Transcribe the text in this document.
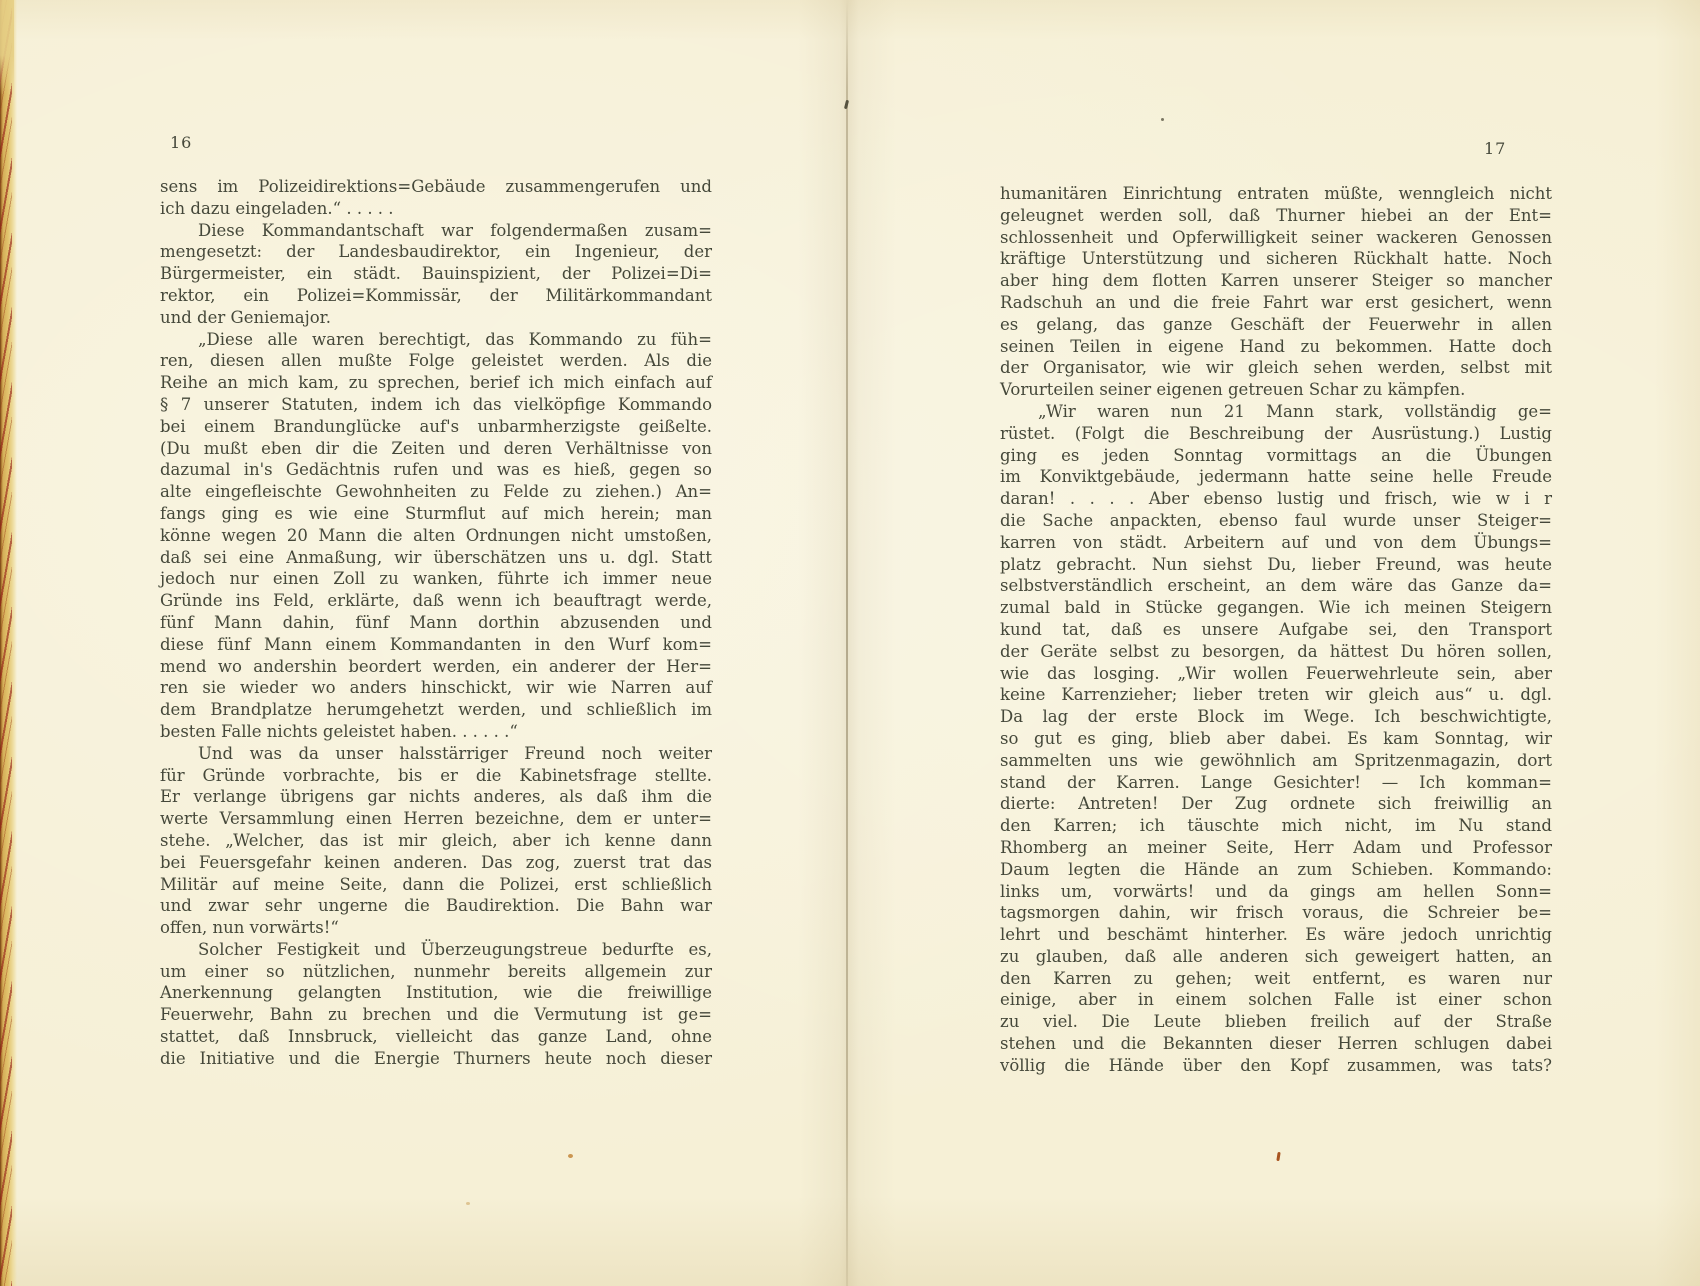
16	17
sens im Polizeidirektions=Gebäude zusammengerufen und
ich dazu eingeladen.“ . . . . .
Diese Kommandantschaft war folgendermaßen zusam=
mengesetzt: der Landesbaudirektor, ein Ingenieur, der
Bürgermeister, ein städt. Bauinspizient, der Polizei=Di=
rektor, ein Polizei=Kommissär, der Militärkommandant
und der Geniemajor.
„Diese alle waren berechtigt, das Kommando zu füh=
ren, diesen allen mußte Folge geleistet werden. Als die
Reihe an mich kam, zu sprechen, berief ich mich einfach auf
§ 7 unserer Statuten, indem ich das vielköpfige Kommando
bei einem Brandunglücke auf's unbarmherzigste geißelte.
(Du mußt eben dir die Zeiten und deren Verhältnisse von
dazumal in's Gedächtnis rufen und was es hieß, gegen so
alte eingefleischte Gewohnheiten zu Felde zu ziehen.) An=
fangs ging es wie eine Sturmflut auf mich herein; man
könne wegen 20 Mann die alten Ordnungen nicht umstoßen,
daß sei eine Anmaßung, wir überschätzen uns u. dgl. Statt
jedoch nur einen Zoll zu wanken, führte ich immer neue
Gründe ins Feld, erklärte, daß wenn ich beauftragt werde,
fünf Mann dahin, fünf Mann dorthin abzusenden und
diese fünf Mann einem Kommandanten in den Wurf kom=
mend wo andershin beordert werden, ein anderer der Her=
ren sie wieder wo anders hinschickt, wir wie Narren auf
dem Brandplatze herumgehetzt werden, und schließlich im
besten Falle nichts geleistet haben. . . . . .“
Und was da unser halsstärriger Freund noch weiter
für Gründe vorbrachte, bis er die Kabinetsfrage stellte.
Er verlange übrigens gar nichts anderes, als daß ihm die
werte Versammlung einen Herren bezeichne, dem er unter=
stehe. „Welcher, das ist mir gleich, aber ich kenne dann
bei Feuersgefahr keinen anderen. Das zog, zuerst trat das
Militär auf meine Seite, dann die Polizei, erst schließlich
und zwar sehr ungerne die Baudirektion. Die Bahn war
offen, nun vorwärts!“
Solcher Festigkeit und Überzeugungstreue bedurfte es,
um einer so nützlichen, nunmehr bereits allgemein zur
Anerkennung gelangten Institution, wie die freiwillige
Feuerwehr, Bahn zu brechen und die Vermutung ist ge=
stattet, daß Innsbruck, vielleicht das ganze Land, ohne
die Initiative und die Energie Thurners heute noch dieser
humanitären Einrichtung entraten müßte, wenngleich nicht
geleugnet werden soll, daß Thurner hiebei an der Ent=
schlossenheit und Opferwilligkeit seiner wackeren Genossen
kräftige Unterstützung und sicheren Rückhalt hatte. Noch
aber hing dem flotten Karren unserer Steiger so mancher
Radschuh an und die freie Fahrt war erst gesichert, wenn
es gelang, das ganze Geschäft der Feuerwehr in allen
seinen Teilen in eigene Hand zu bekommen. Hatte doch
der Organisator, wie wir gleich sehen werden, selbst mit
Vorurteilen seiner eigenen getreuen Schar zu kämpfen.
„Wir waren nun 21 Mann stark, vollständig ge=
rüstet. (Folgt die Beschreibung der Ausrüstung.) Lustig
ging es jeden Sonntag vormittags an die Übungen
im Konviktgebäude, jedermann hatte seine helle Freude
daran! . . . . Aber ebenso lustig und frisch, wie w i r
die Sache anpackten, ebenso faul wurde unser Steiger=
karren von städt. Arbeitern auf und von dem Übungs=
platz gebracht. Nun siehst Du, lieber Freund, was heute
selbstverständlich erscheint, an dem wäre das Ganze da=
zumal bald in Stücke gegangen. Wie ich meinen Steigern
kund tat, daß es unsere Aufgabe sei, den Transport
der Geräte selbst zu besorgen, da hättest Du hören sollen,
wie das losging. „Wir wollen Feuerwehrleute sein, aber
keine Karrenzieher; lieber treten wir gleich aus“ u. dgl.
Da lag der erste Block im Wege. Ich beschwichtigte,
so gut es ging, blieb aber dabei. Es kam Sonntag, wir
sammelten uns wie gewöhnlich am Spritzenmagazin, dort
stand der Karren. Lange Gesichter! — Ich komman=
dierte: Antreten! Der Zug ordnete sich freiwillig an
den Karren; ich täuschte mich nicht, im Nu stand
Rhomberg an meiner Seite, Herr Adam und Professor
Daum legten die Hände an zum Schieben. Kommando:
links um, vorwärts! und da gings am hellen Sonn=
tagsmorgen dahin, wir frisch voraus, die Schreier be=
lehrt und beschämt hinterher. Es wäre jedoch unrichtig
zu glauben, daß alle anderen sich geweigert hatten, an
den Karren zu gehen; weit entfernt, es waren nur
einige, aber in einem solchen Falle ist einer schon
zu viel. Die Leute blieben freilich auf der Straße
stehen und die Bekannten dieser Herren schlugen dabei
völlig die Hände über den Kopf zusammen, was tats?
